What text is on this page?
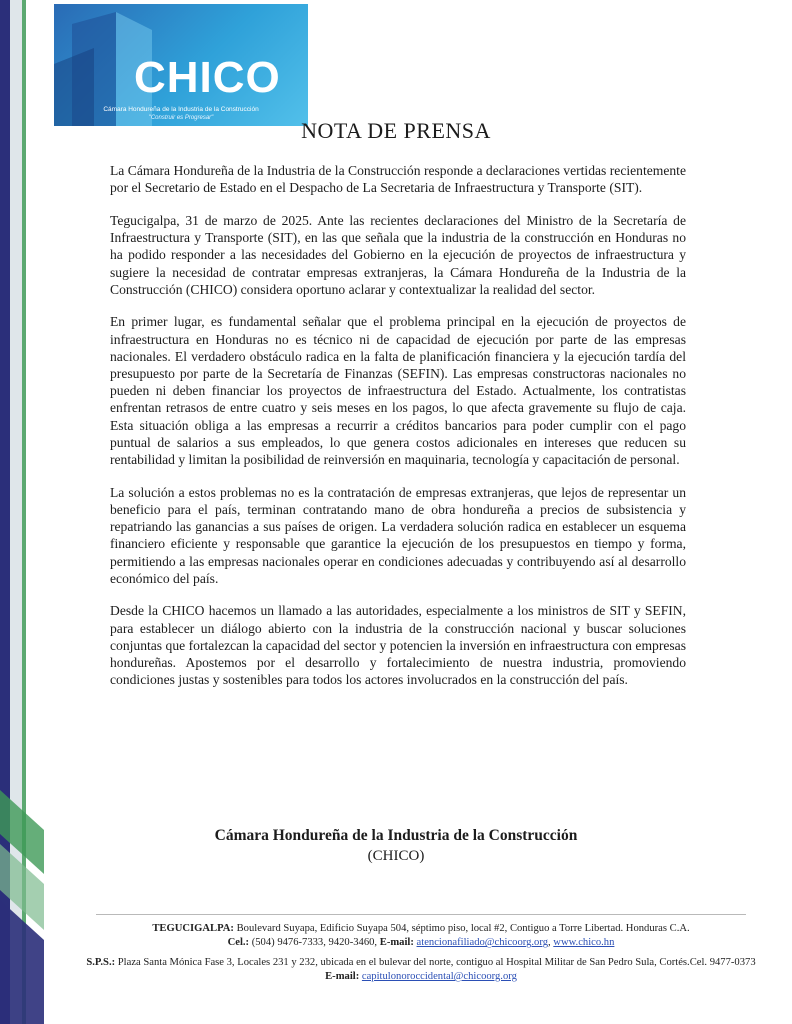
CHICO
Cámara Hondureña de la Industria de la Construcción
"Construir es Progresar"	NOTA DE PRENSA

La Cámara Hondureña de la Industria de la Construcción responde a declaraciones vertidas recientemente por el Secretario de Estado en el Despacho de La Secretaria de Infraestructura y Transporte (SIT).

Tegucigalpa, 31 de marzo de 2025. Ante las recientes declaraciones del Ministro de la Secretaría de Infraestructura y Transporte (SIT), en las que señala que la industria de la construcción en Honduras no ha podido responder a las necesidades del Gobierno en la ejecución de proyectos de infraestructura y sugiere la necesidad de contratar empresas extranjeras, la Cámara Hondureña de la Industria de la Construcción (CHICO) considera oportuno aclarar y contextualizar la realidad del sector.

En primer lugar, es fundamental señalar que el problema principal en la ejecución de proyectos de infraestructura en Honduras no es técnico ni de capacidad de ejecución por parte de las empresas nacionales. El verdadero obstáculo radica en la falta de planificación financiera y la ejecución tardía del presupuesto por parte de la Secretaría de Finanzas (SEFIN). Las empresas constructoras nacionales no pueden ni deben financiar los proyectos de infraestructura del Estado. Actualmente, los contratistas enfrentan retrasos de entre cuatro y seis meses en los pagos, lo que afecta gravemente su flujo de caja. Esta situación obliga a las empresas a recurrir a créditos bancarios para poder cumplir con el pago puntual de salarios a sus empleados, lo que genera costos adicionales en intereses que reducen su rentabilidad y limitan la posibilidad de reinversión en maquinaria, tecnología y capacitación de personal.

La solución a estos problemas no es la contratación de empresas extranjeras, que lejos de representar un beneficio para el país, terminan contratando mano de obra hondureña a precios de subsistencia y repatriando las ganancias a sus países de origen. La verdadera solución radica en establecer un esquema financiero eficiente y responsable que garantice la ejecución de los presupuestos en tiempo y forma, permitiendo a las empresas nacionales operar en condiciones adecuadas y contribuyendo así al desarrollo económico del país.

Desde la CHICO hacemos un llamado a las autoridades, especialmente a los ministros de SIT y SEFIN, para establecer un diálogo abierto con la industria de la construcción nacional y buscar soluciones conjuntas que fortalezcan la capacidad del sector y potencien la inversión en infraestructura con empresas hondureñas. Apostemos por el desarrollo y fortalecimiento de nuestra industria, promoviendo condiciones justas y sostenibles para todos los actores involucrados en la construcción del país.

Cámara Hondureña de la Industria de la Construcción
(CHICO)

TEGUCIGALPA: Boulevard Suyapa, Edificio Suyapa 504, séptimo piso, local #2, Contiguo a Torre Libertad. Honduras C.A.
Cel.: (504) 9476-7333, 9420-3460, E-mail: atencionafiliado@chicoorg.org, www.chico.hn

S.P.S.: Plaza Santa Mónica Fase 3, Locales 231 y 232, ubicada en el bulevar del norte, contiguo al Hospital Militar de San Pedro Sula, Cortés.Cel. 9477-0373 E-mail: capitulonoroccidental@chicoorg.org
